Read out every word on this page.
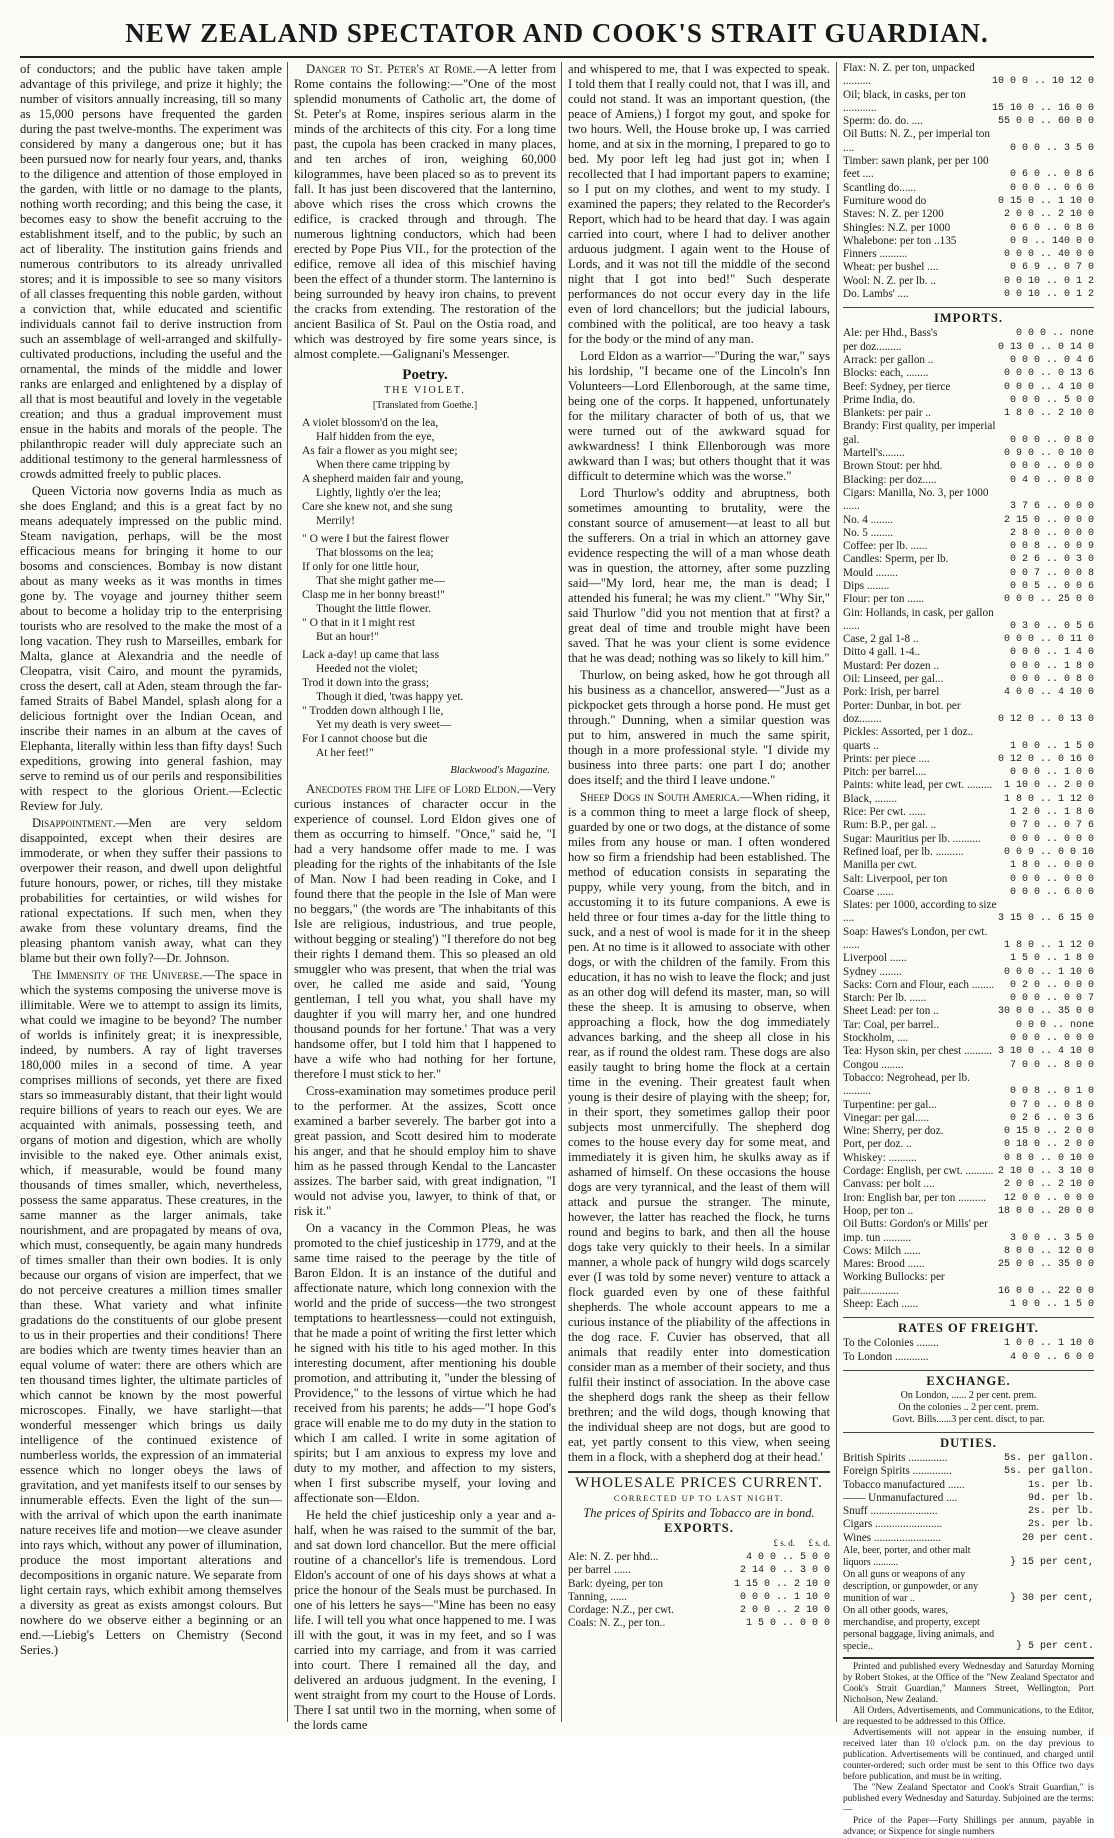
NEW ZEALAND SPECTATOR AND COOK'S STRAIT GUARDIAN.

of conductors; and the public have taken ample advantage of this privilege, and prize it highly; the number of visitors annually increasing, till so many as 15,000 persons have frequented the garden during the past twelve-months. The experiment was considered by many a dangerous one; but it has been pursued now for nearly four years, and, thanks to the diligence and attention of those employed in the garden, with little or no damage to the plants, nothing worth recording; and this being the case, it becomes easy to show the benefit accruing to the establishment itself, and to the public, by such an act of liberality. The institution gains friends and numerous contributors to its already unrivalled stores; and it is impossible to see so many visitors of all classes frequenting this noble garden, without a conviction that, while educated and scientific individuals cannot fail to derive instruction from such an assemblage of well-arranged and skilfully-cultivated productions, including the useful and the ornamental, the minds of the middle and lower ranks are enlarged and enlightened by a display of all that is most beautiful and lovely in the vegetable creation; and thus a gradual improvement must ensue in the habits and morals of the people. The philanthropic reader will duly appreciate such an additional testimony to the general harmlessness of crowds admitted freely to public places.

Queen Victoria now governs India as much as she does England; and this is a great fact by no means adequately impressed on the public mind. Steam navigation, perhaps, will be the most efficacious means for bringing it home to our bosoms and consciences. Bombay is now distant about as many weeks as it was months in times gone by. The voyage and journey thither seem about to become a holiday trip to the enterprising tourists who are resolved to the make the most of a long vacation. They rush to Marseilles, embark for Malta, glance at Alexandria and the needle of Cleopatra, visit Cairo, and mount the pyramids, cross the desert, call at Aden, steam through the far-famed Straits of Babel Mandel, splash along for a delicious fortnight over the Indian Ocean, and inscribe their names in an album at the caves of Elephanta, literally within less than fifty days! Such expeditions, growing into general fashion, may serve to remind us of our perils and responsibilities with respect to the glorious Orient.—Eclectic Review for July.

Disappointment.—Men are very seldom disappointed, except when their desires are immoderate, or when they suffer their passions to overpower their reason, and dwell upon delightful future honours, power, or riches, till they mistake probabilities for certainties, or wild wishes for rational expectations. If such men, when they awake from these voluntary dreams, find the pleasing phantom vanish away, what can they blame but their own folly?—Dr. Johnson.

The Immensity of the Universe.—The space in which the systems composing the universe move is illimitable. Were we to attempt to assign its limits, what could we imagine to be beyond? The number of worlds is infinitely great; it is inexpressible, indeed, by numbers. A ray of light traverses 180,000 miles in a second of time. A year comprises millions of seconds, yet there are fixed stars so immeasurably distant, that their light would require billions of years to reach our eyes. We are acquainted with animals, possessing teeth, and organs of motion and digestion, which are wholly invisible to the naked eye. Other animals exist, which, if measurable, would be found many thousands of times smaller, which, nevertheless, possess the same apparatus. These creatures, in the same manner as the larger animals, take nourishment, and are propagated by means of ova, which must, consequently, be again many hundreds of times smaller than their own bodies. It is only because our organs of vision are imperfect, that we do not perceive creatures a million times smaller than these. What variety and what infinite gradations do the constituents of our globe present to us in their properties and their conditions! There are bodies which are twenty times heavier than an equal volume of water: there are others which are ten thousand times lighter, the ultimate particles of which cannot be known by the most powerful microscopes. Finally, we have starlight—that wonderful messenger which brings us daily intelligence of the continued existence of numberless worlds, the expression of an immaterial essence which no longer obeys the laws of gravitation, and yet manifests itself to our senses by innumerable effects. Even the light of the sun—with the arrival of which upon the earth inanimate nature receives life and motion—we cleave asunder into rays which, without any power of illumination, produce the most important alterations and decompositions in organic nature. We separate from light certain rays, which exhibit among themselves a diversity as great as exists amongst colours. But nowhere do we observe either a beginning or an end.—Liebig's Letters on Chemistry (Second Series.)

Danger to St. Peter's at Rome.—A letter from Rome contains the following:—"One of the most splendid monuments of Catholic art, the dome of St. Peter's at Rome, inspires serious alarm in the minds of the architects of this city. For a long time past, the cupola has been cracked in many places, and ten arches of iron, weighing 60,000 kilogrammes, have been placed so as to prevent its fall. It has just been discovered that the lanternino, above which rises the cross which crowns the edifice, is cracked through and through. The numerous lightning conductors, which had been erected by Pope Pius VII., for the protection of the edifice, remove all idea of this mischief having been the effect of a thunder storm. The lanternino is being surrounded by heavy iron chains, to prevent the cracks from extending. The restoration of the ancient Basilica of St. Paul on the Ostia road, and which was destroyed by fire some years since, is almost complete.—Galignani's Messenger.

Poetry.
THE VIOLET.
[Translated from Goethe.]
A violet blossom'd on the lea,
Half hidden from the eye,
As fair a flower as you might see;
When there came tripping by
A shepherd maiden fair and young,
Lightly, lightly o'er the lea;
Care she knew not, and she sung
Merrily!
" O were I but the fairest flower
That blossoms on the lea;
If only for one little hour,
That she might gather me—
Clasp me in her bonny breast!"
Thought the little flower.
" O that in it I might rest
But an hour!"
Lack a-day! up came that lass
Heeded not the violet;
Trod it down into the grass;
Though it died, 'twas happy yet.
" Trodden down although I lie,
Yet my death is very sweet—
For I cannot choose but die
At her feet!"
Blackwood's Magazine.

Anecdotes from the Life of Lord Eldon.—Very curious instances of character occur in the experience of counsel. Lord Eldon gives one of them as occurring to himself. "Once," said he, "I had a very handsome offer made to me. I was pleading for the rights of the inhabitants of the Isle of Man. Now I had been reading in Coke, and I found there that the people in the Isle of Man were no beggars," (the words are 'The inhabitants of this Isle are religious, industrious, and true people, without begging or stealing') "I therefore do not beg their rights I demand them. This so pleased an old smuggler who was present, that when the trial was over, he called me aside and said, 'Young gentleman, I tell you what, you shall have my daughter if you will marry her, and one hundred thousand pounds for her fortune.' That was a very handsome offer, but I told him that I happened to have a wife who had nothing for her fortune, therefore I must stick to her."

Cross-examination may sometimes produce peril to the performer. At the assizes, Scott once examined a barber severely. The barber got into a great passion, and Scott desired him to moderate his anger, and that he should employ him to shave him as he passed through Kendal to the Lancaster assizes. The barber said, with great indignation, "I would not advise you, lawyer, to think of that, or risk it."

On a vacancy in the Common Pleas, he was promoted to the chief justiceship in 1779, and at the same time raised to the peerage by the title of Baron Eldon. It is an instance of the dutiful and affectionate nature, which long connexion with the world and the pride of success—the two strongest temptations to heartlessness—could not extinguish, that he made a point of writing the first letter which he signed with his title to his aged mother. In this interesting document, after mentioning his double promotion, and attributing it, "under the blessing of Providence," to the lessons of virtue which he had received from his parents; he adds—"I hope God's grace will enable me to do my duty in the station to which I am called. I write in some agitation of spirits; but I am anxious to express my love and duty to my mother, and affection to my sisters, when I first subscribe myself, your loving and affectionate son—Eldon.

He held the chief justiceship only a year and a-half, when he was raised to the summit of the bar, and sat down lord chancellor. But the mere official routine of a chancellor's life is tremendous. Lord Eldon's account of one of his days shows at what a price the honour of the Seals must be purchased. In one of his letters he says—"Mine has been no easy life. I will tell you what once happened to me. I was ill with the gout, it was in my feet, and so I was carried into my carriage, and from it was carried into court. There I remained all the day, and delivered an arduous judgment. In the evening, I went straight from my court to the House of Lords. There I sat until two in the morning, when some of the lords came

and whispered to me, that I was expected to speak. I told them that I really could not, that I was ill, and could not stand. It was an important question, (the peace of Amiens,) I forgot my gout, and spoke for two hours. Well, the House broke up, I was carried home, and at six in the morning, I prepared to go to bed. My poor left leg had just got in; when I recollected that I had important papers to examine; so I put on my clothes, and went to my study. I examined the papers; they related to the Recorder's Report, which had to be heard that day. I was again carried into court, where I had to deliver another arduous judgment. I again went to the House of Lords, and it was not till the middle of the second night that I got into bed!" Such desperate performances do not occur every day in the life even of lord chancellors; but the judicial labours, combined with the political, are too heavy a task for the body or the mind of any man.

Lord Eldon as a warrior—"During the war," says his lordship, "I became one of the Lincoln's Inn Volunteers—Lord Ellenborough, at the same time, being one of the corps. It happened, unfortunately for the military character of both of us, that we were turned out of the awkward squad for awkwardness! I think Ellenborough was more awkward than I was; but others thought that it was difficult to determine which was the worse."

Lord Thurlow's oddity and abruptness, both sometimes amounting to brutality, were the constant source of amusement—at least to all but the sufferers. On a trial in which an attorney gave evidence respecting the will of a man whose death was in question, the attorney, after some puzzling said—"My lord, hear me, the man is dead; I attended his funeral; he was my client." "Why Sir," said Thurlow "did you not mention that at first? a great deal of time and trouble might have been saved. That he was your client is some evidence that he was dead; nothing was so likely to kill him."

Thurlow, on being asked, how he got through all his business as a chancellor, answered—"Just as a pickpocket gets through a horse pond. He must get through." Dunning, when a similar question was put to him, answered in much the same spirit, though in a more professional style. "I divide my business into three parts: one part I do; another does itself; and the third I leave undone."

Sheep Dogs in South America.—When riding, it is a common thing to meet a large flock of sheep, guarded by one or two dogs, at the distance of some miles from any house or man. I often wondered how so firm a friendship had been established. The method of education consists in separating the puppy, while very young, from the bitch, and in accustoming it to its future companions. A ewe is held three or four times a-day for the little thing to suck, and a nest of wool is made for it in the sheep pen. At no time is it allowed to associate with other dogs, or with the children of the family. From this education, it has no wish to leave the flock; and just as an other dog will defend its master, man, so will these the sheep. It is amusing to observe, when approaching a flock, how the dog immediately advances barking, and the sheep all close in his rear, as if round the oldest ram. These dogs are also easily taught to bring home the flock at a certain time in the evening. Their greatest fault when young is their desire of playing with the sheep; for, in their sport, they sometimes gallop their poor subjects most unmercifully. The shepherd dog comes to the house every day for some meat, and immediately it is given him, he skulks away as if ashamed of himself. On these occasions the house dogs are very tyrannical, and the least of them will attack and pursue the stranger. The minute, however, the latter has reached the flock, he turns round and begins to bark, and then all the house dogs take very quickly to their heels. In a similar manner, a whole pack of hungry wild dogs scarcely ever (I was told by some never) venture to attack a flock guarded even by one of these faithful shepherds. The whole account appears to me a curious instance of the pliability of the affections in the dog race. F. Cuvier has observed, that all animals that readily enter into domestication consider man as a member of their society, and thus fulfil their instinct of association. In the above case the shepherd dogs rank the sheep as their fellow brethren; and the wild dogs, though knowing that the individual sheep are not dogs, but are good to eat, yet partly consent to this view, when seeing them in a flock, with a shepherd dog at their head.'

WHOLESALE PRICES CURRENT.
CORRECTED UP TO LAST NIGHT.
The prices of Spirits and Tobacco are in bond.
EXPORTS.
£ s. d.      £ s. d.
Ale: N. Z. per hhd...	4 0 0 .. 5 0 0
per barrel ......	2 14 0 .. 3 0 0
Bark: dyeing, per ton	1 15 0 .. 2 10 0
Tanning, ......	0 0 0 .. 1 10 0
Cordage: N.Z., per cwt.	2 0 0 .. 2 10 0
Coals: N. Z., per ton..	1 5 0 .. 0 0 0
Flax: N. Z. per ton, unpacked ..........	10 0 0 .. 10 12 0
Oil; black, in casks, per ton ............	15 10 0 .. 16 0 0
Sperm: do. do. ....	55 0 0 .. 60 0 0
Oil Butts: N. Z., per imperial ton ....	0 0 0 .. 3 5 0
Timber: sawn plank, per per 100 feet ....	0 6 0 .. 0 8 6
Scantling do......	0 0 0 .. 0 6 0
Furniture wood do	0 15 0 .. 1 10 0
Staves: N. Z. per 1200	2 0 0 .. 2 10 0
Shingles: N.Z. per 1000	0 6 0 .. 0 8 0
Whalebone: per ton ..135	0 0 .. 140 0 0
Finners ..........	0 0 0 .. 40 0 0
Wheat: per bushel ....	0 6 9 .. 0 7 0
Wool: N. Z. per lb. ..	0 0 10 .. 0 1 2
Do. Lambs' ....	0 0 10 .. 0 1 2
IMPORTS.
Ale: per Hhd., Bass's	0 0 0 .. none
per doz.........	0 13 0 .. 0 14 0
Arrack: per gallon ..	0 0 0 .. 0 4 6
Blocks: each, ........	0 0 0 .. 0 13 6
Beef: Sydney, per tierce	0 0 0 .. 4 10 0
Prime India, do.	0 0 0 .. 5 0 0
Blankets: per pair ..	1 8 0 .. 2 10 0
Brandy: First quality, per imperial gal.	0 0 0 .. 0 8 0
Martell's........	0 9 0 .. 0 10 0
Brown Stout: per hhd.	0 0 0 .. 0 0 0
Blacking: per doz.....	0 4 0 .. 0 8 0
Cigars: Manilla, No. 3, per 1000 ......	3 7 6 .. 0 0 0
No. 4 ........	2 15 0 .. 0 0 0
No. 5 ........	2 8 0 .. 0 0 0
Coffee: per lb. ......	0 0 8 .. 0 0 9
Candles: Sperm, per lb.	0 2 6 .. 0 3 0
Mould ........	0 0 7 .. 0 0 8
Dips ........	0 0 5 .. 0 0 6
Flour: per ton ......	0 0 0 .. 25 0 0
Gin: Hollands, in cask, per gallon ......	0 3 0 .. 0 5 6
Case, 2 gal 1-8 ..	0 0 0 .. 0 11 0
Ditto 4 gall. 1-4..	0 0 0 .. 1 4 0
Mustard: Per dozen ..	0 0 0 .. 1 8 0
Oil: Linseed, per gal...	0 0 0 .. 0 8 0
Pork: Irish, per barrel	4 0 0 .. 4 10 0
Porter: Dunbar, in bot. per doz........	0 12 0 .. 0 13 0
Pickles: Assorted, per 1 doz.. quarts ..	1 0 0 .. 1 5 0
Prints: per piece ....	0 12 0 .. 0 16 0
Pitch: per barrel....	0 0 0 .. 1 0 0
Paints: white lead, per cwt. .........	1 10 0 .. 2 0 0
Black, ........	1 8 0 .. 1 12 0
Rice: Per cwt. ......	1 2 0 .. 1 8 0
Rum: B.P., per gal. ..	0 7 0 .. 0 7 6
Sugar: Mauritius per lb. ..........	0 0 0 .. 0 0 0
Refined loaf, per lb. ..........	0 0 9 .. 0 0 10
Manilla per cwt.	1 8 0 .. 0 0 0
Salt: Liverpool, per ton	0 0 0 .. 0 0 0
Coarse ......	0 0 0 .. 6 0 0
Slates: per 1000, according to size ....	3 15 0 .. 6 15 0
Soap: Hawes's London, per cwt. ......	1 8 0 .. 1 12 0
Liverpool ......	1 5 0 .. 1 8 0
Sydney ........	0 0 0 .. 1 10 0
Sacks: Corn and Flour, each ........	0 2 0 .. 0 0 0
Starch: Per lb. ......	0 0 0 .. 0 0 7
Sheet Lead: per ton ..	30 0 0 .. 35 0 0
Tar: Coal, per barrel..	0 0 0 .. none
Stockholm, ....	0 0 0 .. 0 0 0
Tea: Hyson skin, per chest ..........	3 10 0 .. 4 10 0
Congou ........	7 0 0 .. 8 0 0
Tobacco: Negrohead, per lb. ..........	0 0 8 .. 0 1 0
Turpentine: per gal...	0 7 0 .. 0 8 0
Vinegar: per gal.....	0 2 6 .. 0 3 6
Wine: Sherry, per doz.	0 15 0 .. 2 0 0
Port, per doz. ..	0 18 0 .. 2 0 0
Whiskey: ..........	0 8 0 .. 0 10 0
Cordage: English, per cwt. ..........	2 10 0 .. 3 10 0
Canvass: per bolt ....	2 0 0 .. 2 10 0
Iron: English bar, per ton ..........	12 0 0 .. 0 0 0
Hoop, per ton ..	18 0 0 .. 20 0 0
Oil Butts: Gordon's or Mills' per imp. tun ..........	3 0 0 .. 3 5 0
Cows: Milch ......	8 0 0 .. 12 0 0
Mares: Brood ......	25 0 0 .. 35 0 0
Working Bullocks: per pair..............	16 0 0 .. 22 0 0
Sheep: Each ......	1 0 0 .. 1 5 0
RATES OF FREIGHT.
To the Colonies ........	1 0 0 .. 1 10 0
To London ............	4 0 0 .. 6 0 0
EXCHANGE.
On London, ...... 2 per cent. prem.
On the colonies .. 2 per cent. prem.
Govt. Bills......3 per cent. disct, to par.
DUTIES.
British Spirits ..............	5s. per gallon.
Foreign Spirits ..............	5s. per gallon.
Tobacco manufactured ......	1s. per lb.
—— Unmanufactured ....	9d. per lb.
Snuff ........................	2s. per lb.
Cigars ........................	2s. per lb.
Wines ........................	20 per cent.
Ale, beer, porter, and other malt liquors ..........	} 15 per cent,
On all guns or weapons of any description, or gunpowder, or any munition of war ..	} 30 per cent,
On all other goods, wares, merchandise, and property, except personal baggage, living animals, and specie..	} 5 per cent.

Printed and published every Wednesday and Saturday Morning by Robert Stokes, at the Office of the "New Zealand Spectator and Cook's Strait Guardian," Manners Street, Wellington, Port Nicholson, New Zealand.

All Orders, Advertisements, and Communications, to the Editor, are requested to be addressed to this Office.

Advertisements will not appear in the ensuing number, if received later than 10 o'clock p.m. on the day previous to publication. Advertisements will be continued, and charged until counter-ordered; such order must be sent to this Office two days before publication, and must be in writing.

The "New Zealand Spectator and Cook's Strait Guardian," is published every Wednesday and Saturday. Subjoined are the terms:—

Price of the Paper—Forty Shillings per annum, payable in advance; or Sixpence for single numbers
